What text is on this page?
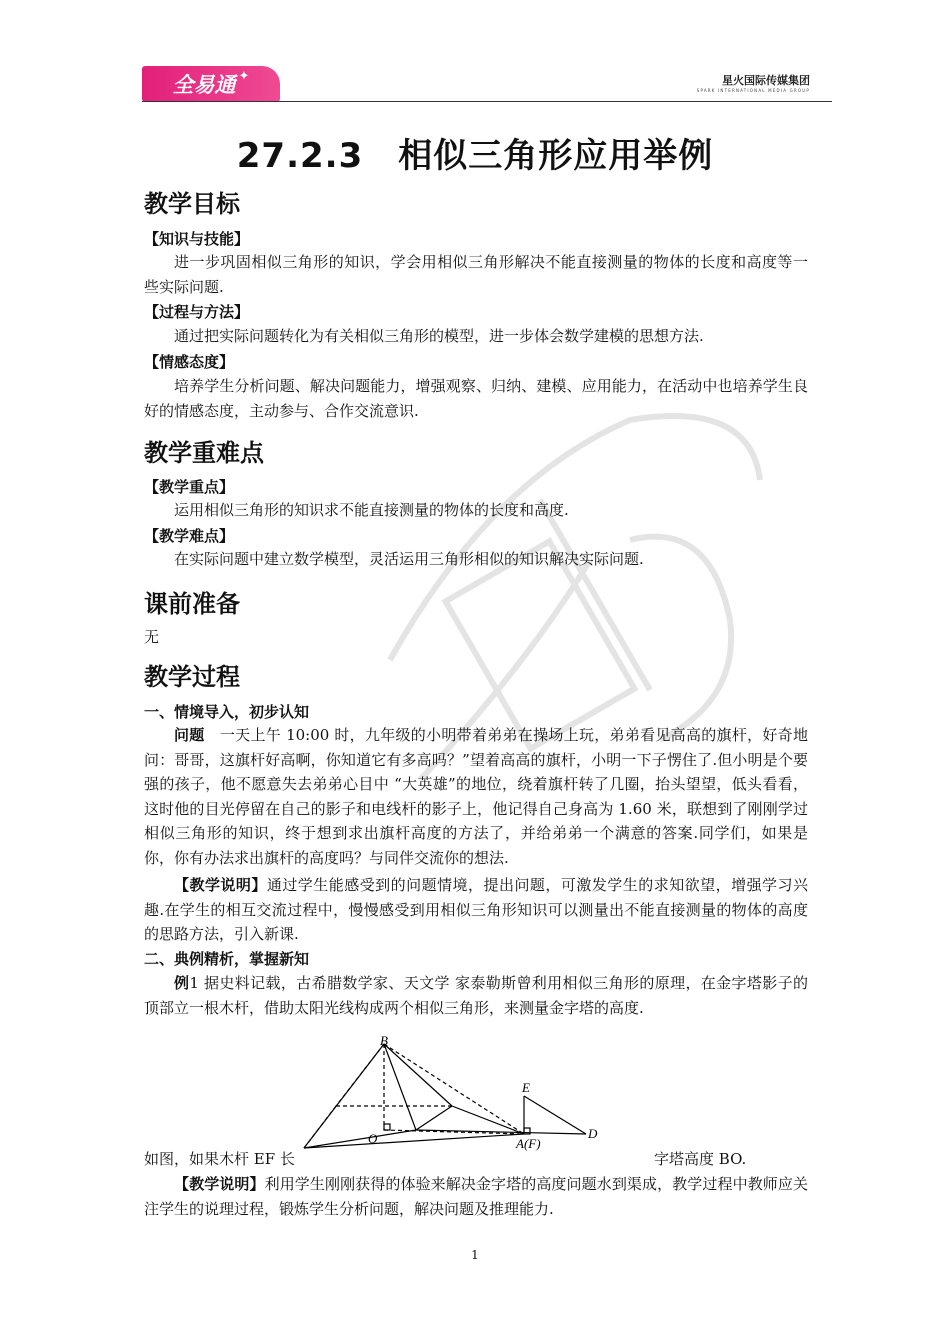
全易通 ✦	星火国际传媒集团
SPARK INTERNATIONAL MEDIA GROUP
27.2.3　相似三角形应用举例
教学目标
【知识与技能】
进一步巩固相似三角形的知识，学会用相似三角形解决不能直接测量的物体的长度和高度等一 些实际问题.
【过程与方法】
通过把实际问题转化为有关相似三角形的模型，进一步体会数学建模的思想方法.
【情感态度】
培养学生分析问题、解决问题能力，增强观察、归纳、建模、应用能力，在活动中也培养学生良好的情感态度，主动参与、合作交流意识.
教学重难点
【教学重点】
运用相似三角形的知识求不能直接测量的物体的长度和高度.
【教学难点】
在实际问题中建立数学模型，灵活运用三角形相似的知识解决实际问题.
课前准备
无
教学过程
一、情境导入，初步认知
问题　一天上午 10:00 时，九年级的小明带着弟弟在操场上玩，弟弟看见高高的旗杆，好奇地问：哥哥，这旗杆好高啊，你知道它有多高吗？”望着高高的旗杆，小明一下子愣住了.但小明是个要强的孩子，他不愿意失去弟弟心目中 “大英雄”的地位，绕着旗杆转了几圈，抬头望望，低头看看，这时他的目光停留在自己的影子和电线杆的影子上，他记得自己身高为 1.60 米，联想到了刚刚学过相似三角形的知识，终于想到求出旗杆高度的方法了，并给弟弟一个满意的答案.同学们，如果是你，你有办法求出旗杆的高度吗？与同伴交流你的想法.
【教学说明】通过学生能感受到的问题情境，提出问题，可激发学生的求知欲望，增强学习兴趣.在学生的相互交流过程中，慢慢感受到用相似三角形知识可以测量出不能直接测量的物体的高度的思路方法，引入新课.
二、典例精析，掌握新知
例1 据史料记载，古希腊数学家、天文学 家泰勒斯曾利用相似三角形的原理，在金字塔影子的顶部立一根木杆，借助太阳光线构成两个相似三角形，来测量金字塔的高度.
B
E
O	A(F)
D
如图，如果木杆 EF 长	字塔高度 BO.
【教学说明】利用学生刚刚获得的体验来解决金字塔的高度问题水到渠成，教学过程中教师应关注学生的说理过程，锻炼学生分析问题，解决问题及推理能力.
1
